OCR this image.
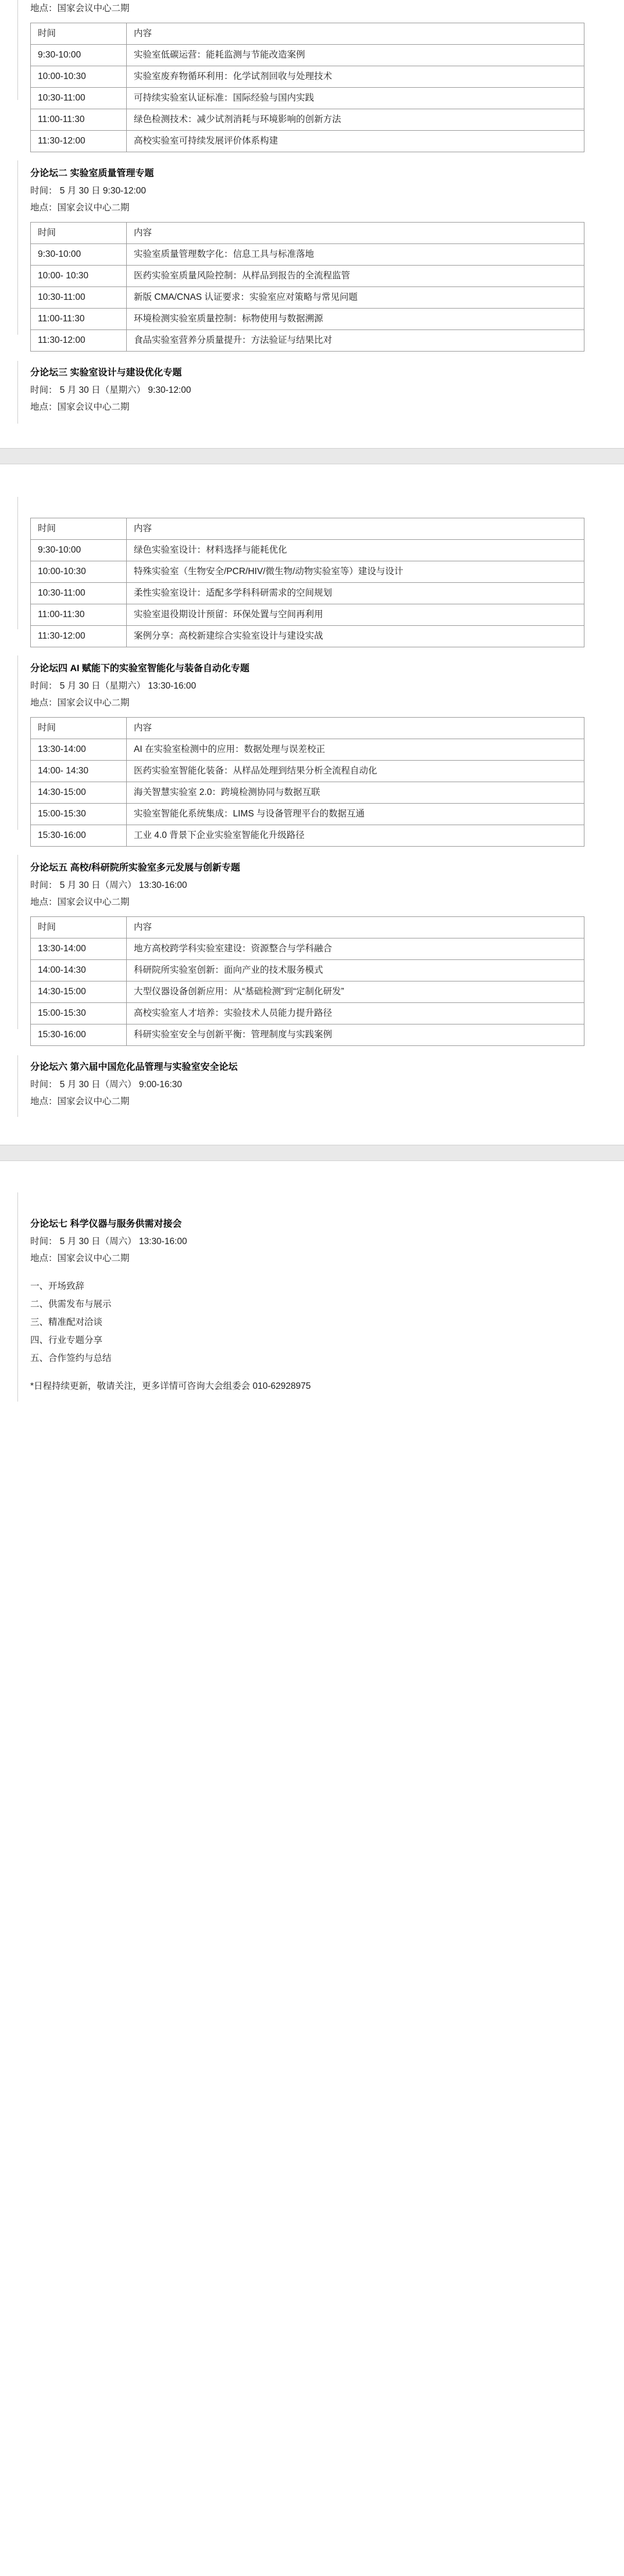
地点：国家会议中心二期
时间	内容
9:30-10:00	实验室低碳运营：能耗监测与节能改造案例
10:00-10:30	实验室废弃物循环利用：化学试剂回收与处理技术
10:30-11:00	可持续实验室认证标准：国际经验与国内实践
11:00-11:30	绿色检测技术：减少试剂消耗与环境影响的创新方法
11:30-12:00	高校实验室可持续发展评价体系构建
分论坛二 实验室质量管理专题
时间： 5 月 30 日 9:30-12:00
地点：国家会议中心二期
时间	内容
9:30-10:00	实验室质量管理数字化：信息工具与标准落地
10:00- 10:30	医药实验室质量风险控制：从样品到报告的全流程监管
10:30-11:00	新版 CMA/CNAS 认证要求：实验室应对策略与常见问题
11:00-11:30	环境检测实验室质量控制：标物使用与数据溯源
11:30-12:00	食品实验室营养分质量提升：方法验证与结果比对
分论坛三 实验室设计与建设优化专题
时间： 5 月 30 日（星期六） 9:30-12:00
地点：国家会议中心二期
时间	内容
9:30-10:00	绿色实验室设计：材料选择与能耗优化
10:00-10:30	特殊实验室（生物安全/PCR/HIV/微生物/动物实验室等）建设与设计
10:30-11:00	柔性实验室设计：适配多学科科研需求的空间规划
11:00-11:30	实验室退役期设计预留：环保处置与空间再利用
11:30-12:00	案例分享：高校新建综合实验室设计与建设实战
分论坛四 AI 赋能下的实验室智能化与装备自动化专题
时间： 5 月 30 日（星期六） 13:30-16:00
地点：国家会议中心二期
时间	内容
13:30-14:00	AI 在实验室检测中的应用：数据处理与误差校正
14:00- 14:30	医药实验室智能化装备：从样品处理到结果分析全流程自动化
14:30-15:00	海关智慧实验室 2.0：跨境检测协同与数据互联
15:00-15:30	实验室智能化系统集成：LIMS 与设备管理平台的数据互通
15:30-16:00	工业 4.0 背景下企业实验室智能化升级路径
分论坛五 高校/科研院所实验室多元发展与创新专题
时间： 5 月 30 日（周六） 13:30-16:00
地点：国家会议中心二期
时间	内容
13:30-14:00	地方高校跨学科实验室建设：资源整合与学科融合
14:00-14:30	科研院所实验室创新：面向产业的技术服务模式
14:30-15:00	大型仪器设备创新应用：从“基础检测”到“定制化研发”
15:00-15:30	高校实验室人才培养：实验技术人员能力提升路径
15:30-16:00	科研实验室安全与创新平衡：管理制度与实践案例
分论坛六 第六届中国危化品管理与实验室安全论坛
时间： 5 月 30 日（周六） 9:00-16:30
地点：国家会议中心二期
分论坛七 科学仪器与服务供需对接会
时间： 5 月 30 日（周六） 13:30-16:00
地点：国家会议中心二期
一、开场致辞
二、供需发布与展示
三、精准配对洽谈
四、行业专题分享
五、合作签约与总结
*日程持续更新，敬请关注，更多详情可咨询大会组委会 010-62928975
